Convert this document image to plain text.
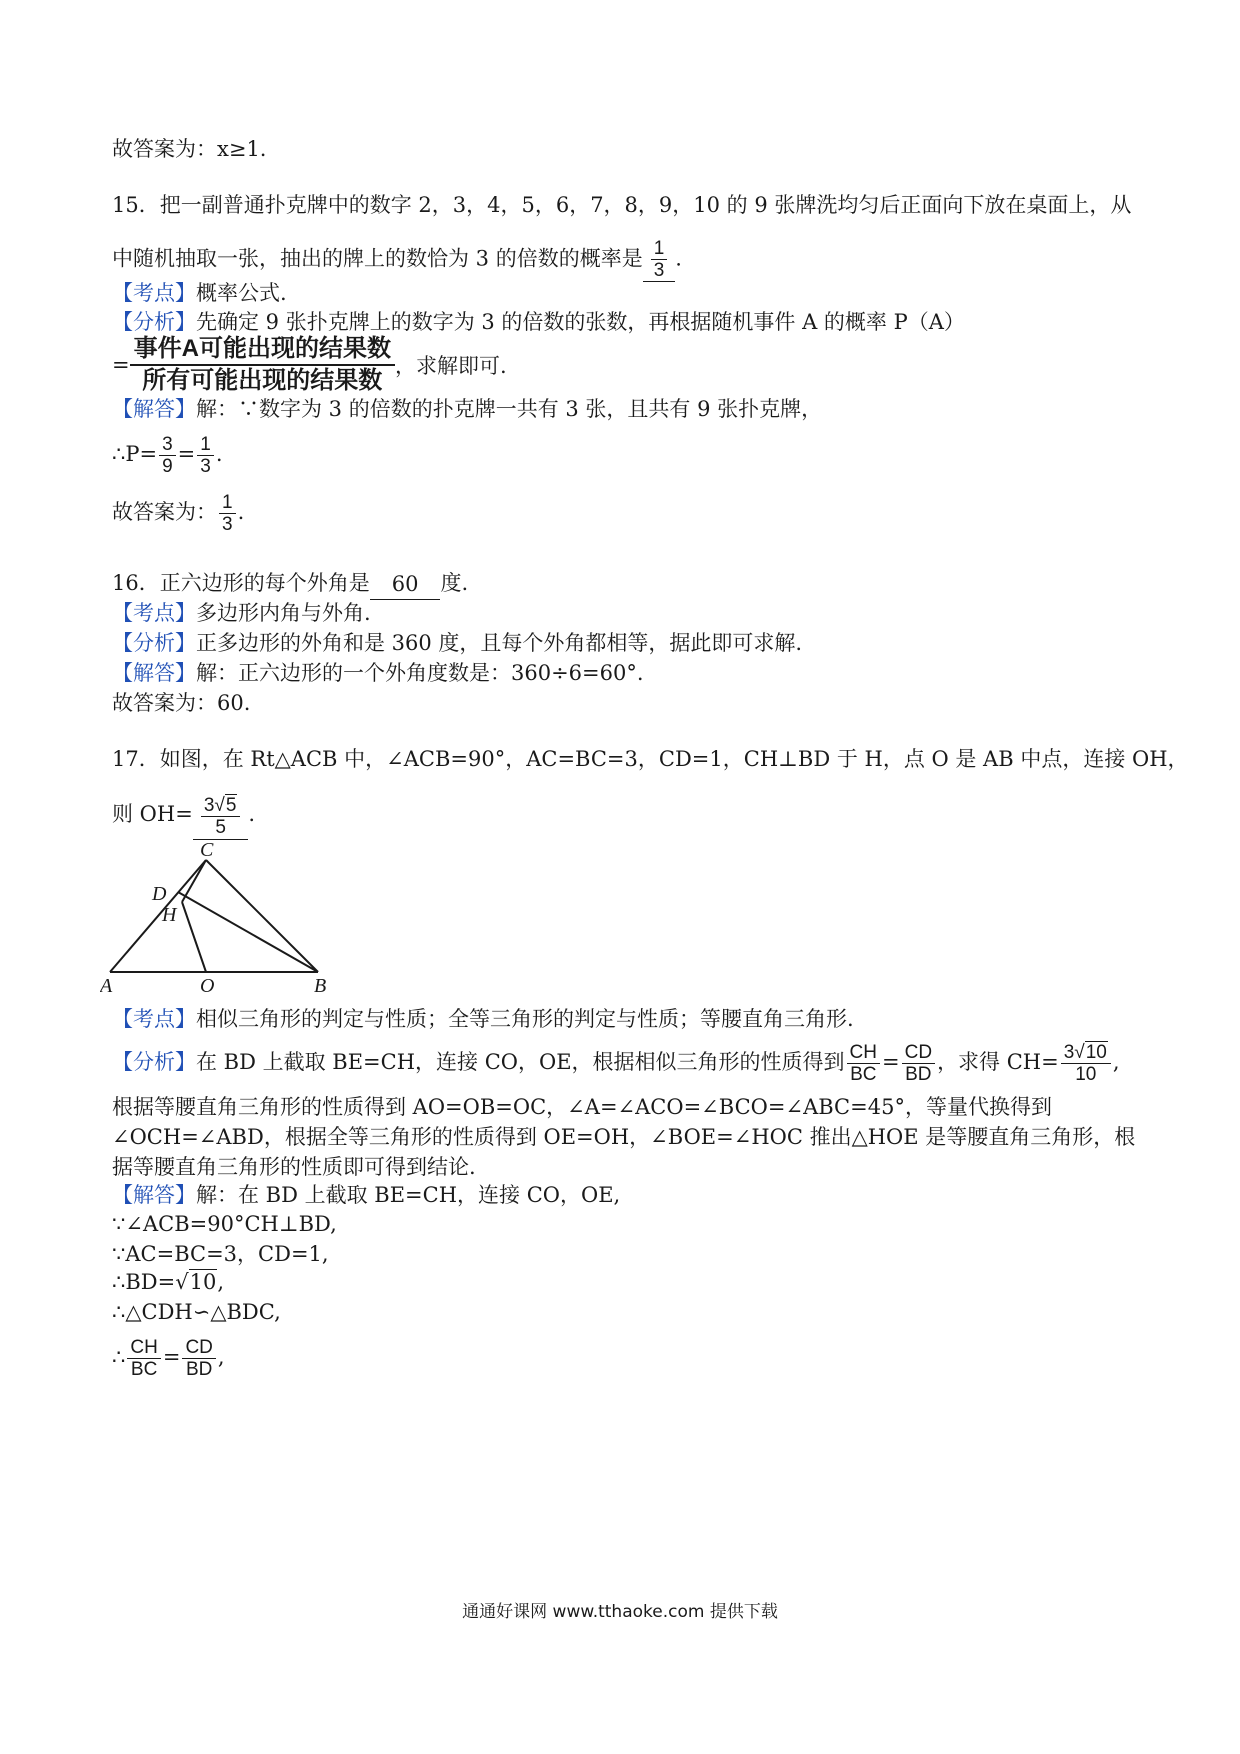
故答案为：x≥1.
15．把一副普通扑克牌中的数字 2，3，4，5，6，7，8，9，10 的 9 张牌洗均匀后正面向下放在桌面上，从
中随机抽取一张，抽出的牌上的数恰为 3 的倍数的概率是 $\frac{1}{3}$ .
【考点】概率公式.
【分析】先确定 9 张扑克牌上的数字为 3 的倍数的张数，再根据随机事件 A 的概率 P（A）
= $\frac{\text{事件A可能出现的结果数}}{\text{所有可能出现的结果数}}$ ，求解即可.
【解答】解：∵数字为 3 的倍数的扑克牌一共有 3 张，且共有 9 张扑克牌，
∴P= $\frac{3}{9} = \frac{1}{3}$ .
故答案为： $\frac{1}{3}$ .
16．正六边形的每个外角是 60 度.
【考点】多边形内角与外角.
【分析】正多边形的外角和是 360 度，且每个外角都相等，据此即可求解.
【解答】解：正六边形的一个外角度数是：360÷6=60°.
故答案为：60.
17．如图，在 Rt△ACB 中，∠ACB=90°，AC=BC=3，CD=1，CH⊥BD 于 H，点 O 是 AB 中点，连接 OH，
则 $OH= \frac{3√5}{5}$ .
C
D
H
A	O	B
【考点】相似三角形的判定与性质；全等三角形的判定与性质；等腰直角三角形.
【分析】在 BD 上截取 BE=CH，连接 CO，OE，根据相似三角形的性质得到 $\frac{CH}{BC} = \frac{CD}{BD}$ ，求得 $CH= \frac{3√10}{10}$ ,
根据等腰直角三角形的性质得到 AO=OB=OC，∠A=∠ACO=∠BCO=∠ABC=45°，等量代换得到
∠OCH=∠ABD，根据全等三角形的性质得到 OE=OH，∠BOE=∠HOC 推出△HOE 是等腰直角三角形，根
据等腰直角三角形的性质即可得到结论.
【解答】解：在 BD 上截取 BE=CH，连接 CO，OE,
∵∠ACB=90°CH⊥BD,
∵AC=BC=3，CD=1,
∴BD=√10,
∴△CDH∽△BDC,
∴ $\frac{CH}{BC} = \frac{CD}{BD}$ ,
通通好课网 www.tthaoke.com 提供下载
